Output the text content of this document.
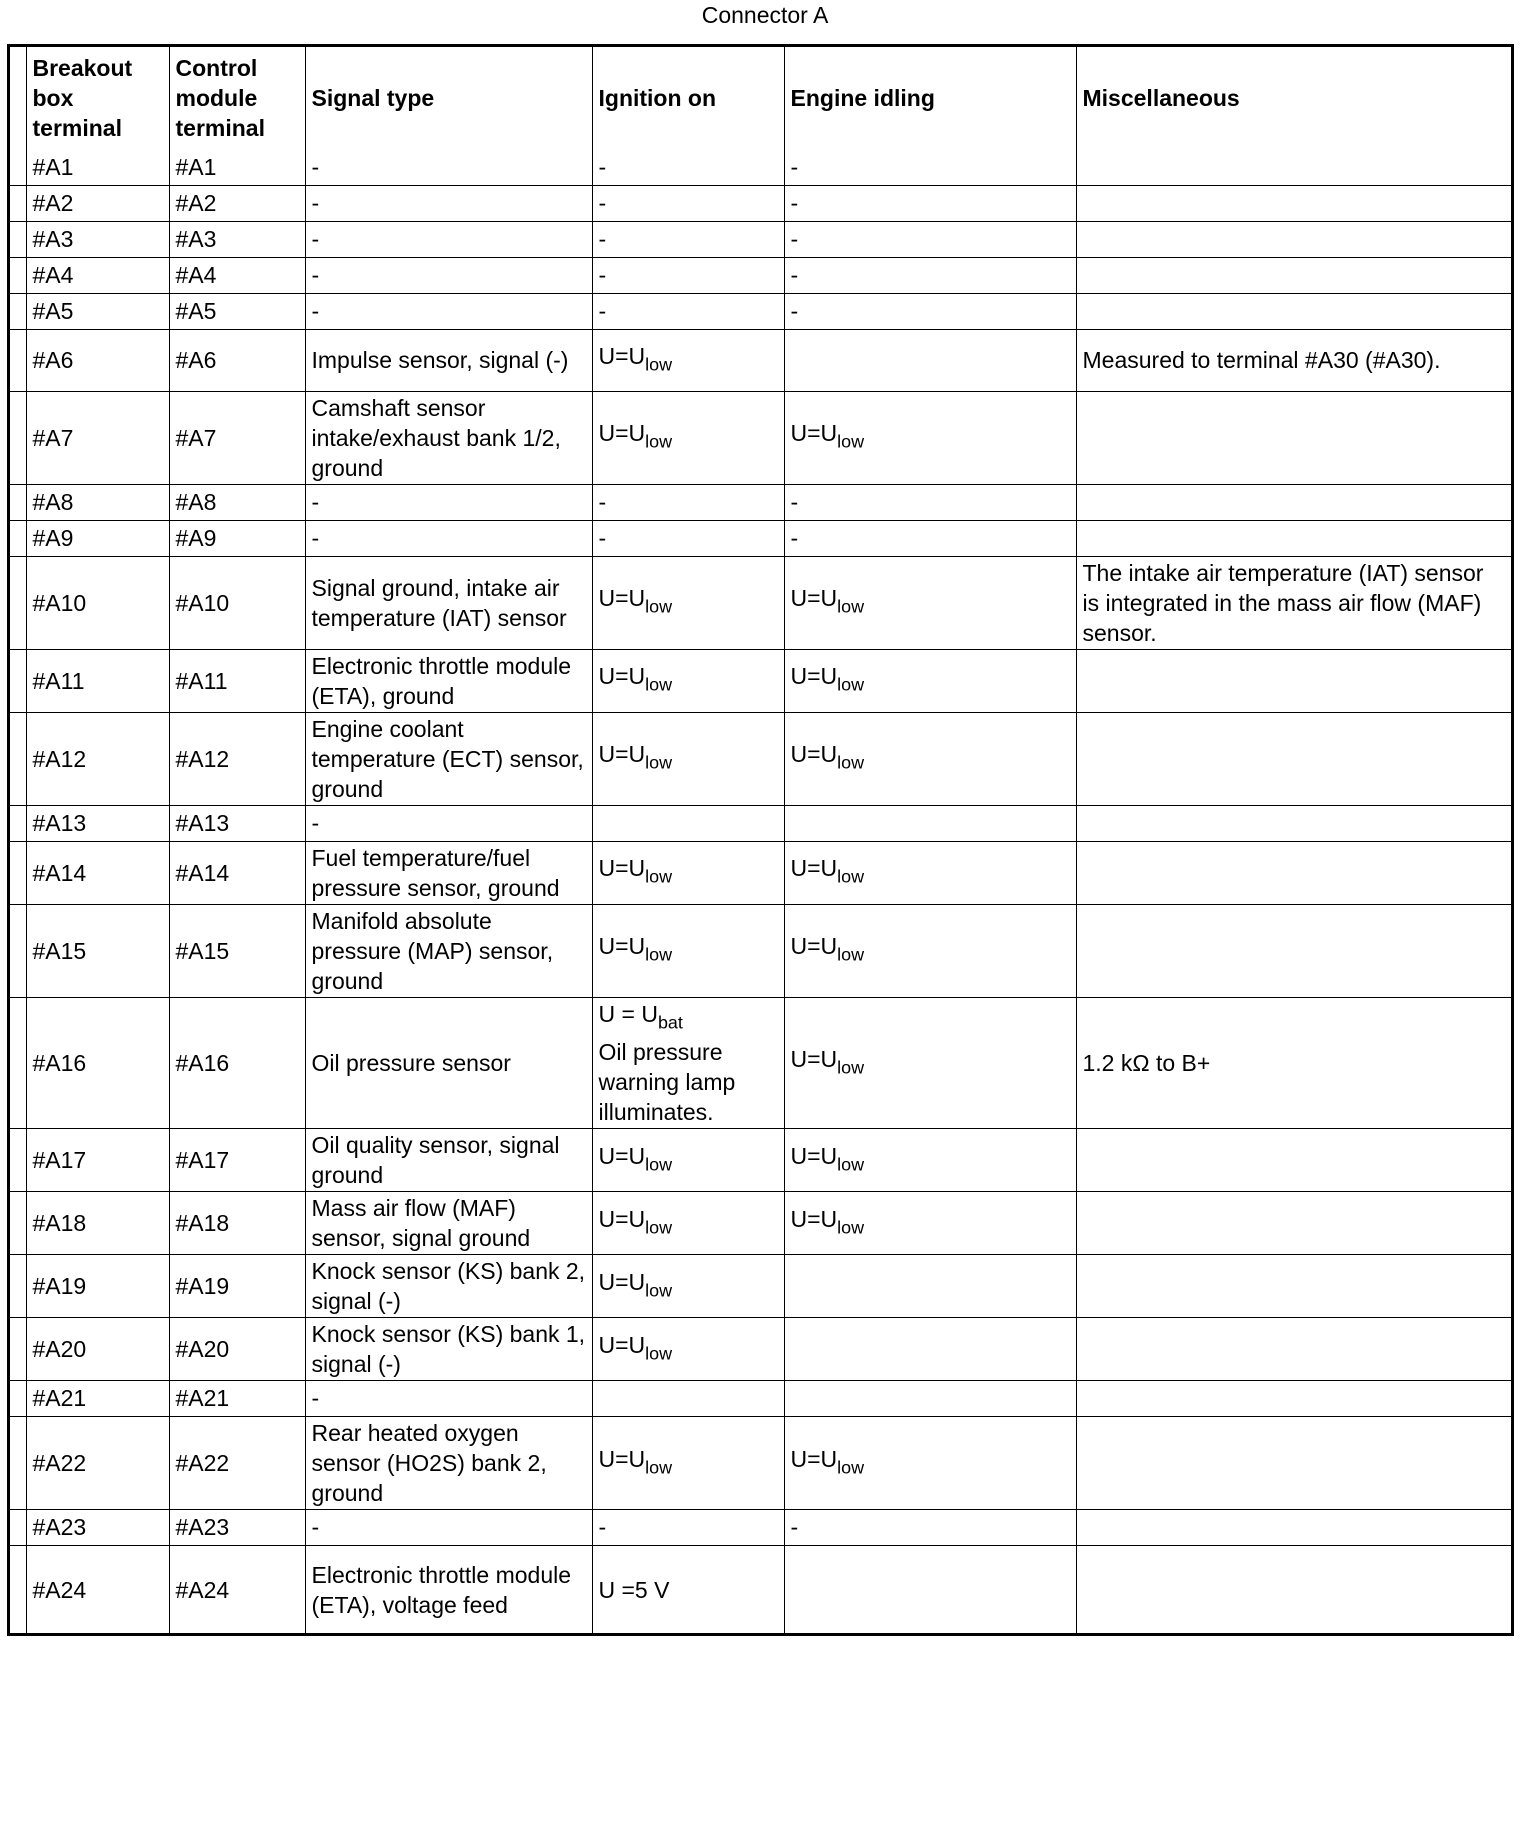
Connector A
	Breakout box terminal	Control module terminal	Signal type	Ignition on	Engine idling	Miscellaneous
	#A1	#A1	-	-	-	

	#A2	#A2	-	-	-	

	#A3	#A3	-	-	-	

	#A4	#A4	-	-	-	

	#A5	#A5	-	-	-	

	#A6	#A6	Impulse sensor, signal (-)	$U=U_{low}$		Measured to terminal #A30 (#A30).
	#A7	#A7	Camshaft sensor intake/exhaust bank 1/2, ground	$U=U_{low}$	$U=U_{low}$

	#A8	#A8	-	-	-	

	#A9	#A9	-	-	-	

	#A10	#A10	Signal ground, intake air temperature (IAT) sensor	$U=U_{low}$	$U=U_{low}$	The intake air temperature (IAT) sensor is integrated in the mass air flow (MAF) sensor.
	#A11	#A11	Electronic throttle module (ETA), ground	$U=U_{low}$	$U=U_{low}$

	#A12	#A12	Engine coolant temperature (ECT) sensor, ground	$U=U_{low}$	$U=U_{low}$

	#A13	#A13	-	

	#A14	#A14	Fuel temperature/fuel pressure sensor, ground	$U=U_{low}$	$U=U_{low}$

	#A15	#A15	Manifold absolute pressure (MAP) sensor, ground	$U=U_{low}$	$U=U_{low}$

	#A16	#A16	Oil pressure sensor	$U = U_{bat}$
Oil pressure warning lamp illuminates.	$U=U_{low}$	1.2 kΩ to B+
	#A17	#A17	Oil quality sensor, signal ground	$U=U_{low}$	$U=U_{low}$

	#A18	#A18	Mass air flow (MAF) sensor, signal ground	$U=U_{low}$	$U=U_{low}$

	#A19	#A19	Knock sensor (KS) bank 2, signal (-)	$U=U_{low}$

	#A20	#A20	Knock sensor (KS) bank 1, signal (-)	$U=U_{low}$

	#A21	#A21	-	

	#A22	#A22	Rear heated oxygen sensor (HO2S) bank 2, ground	$U=U_{low}$	$U=U_{low}$

	#A23	#A23	-	-	-	

	#A24	#A24	Electronic throttle module (ETA), voltage feed	U =5 V		
